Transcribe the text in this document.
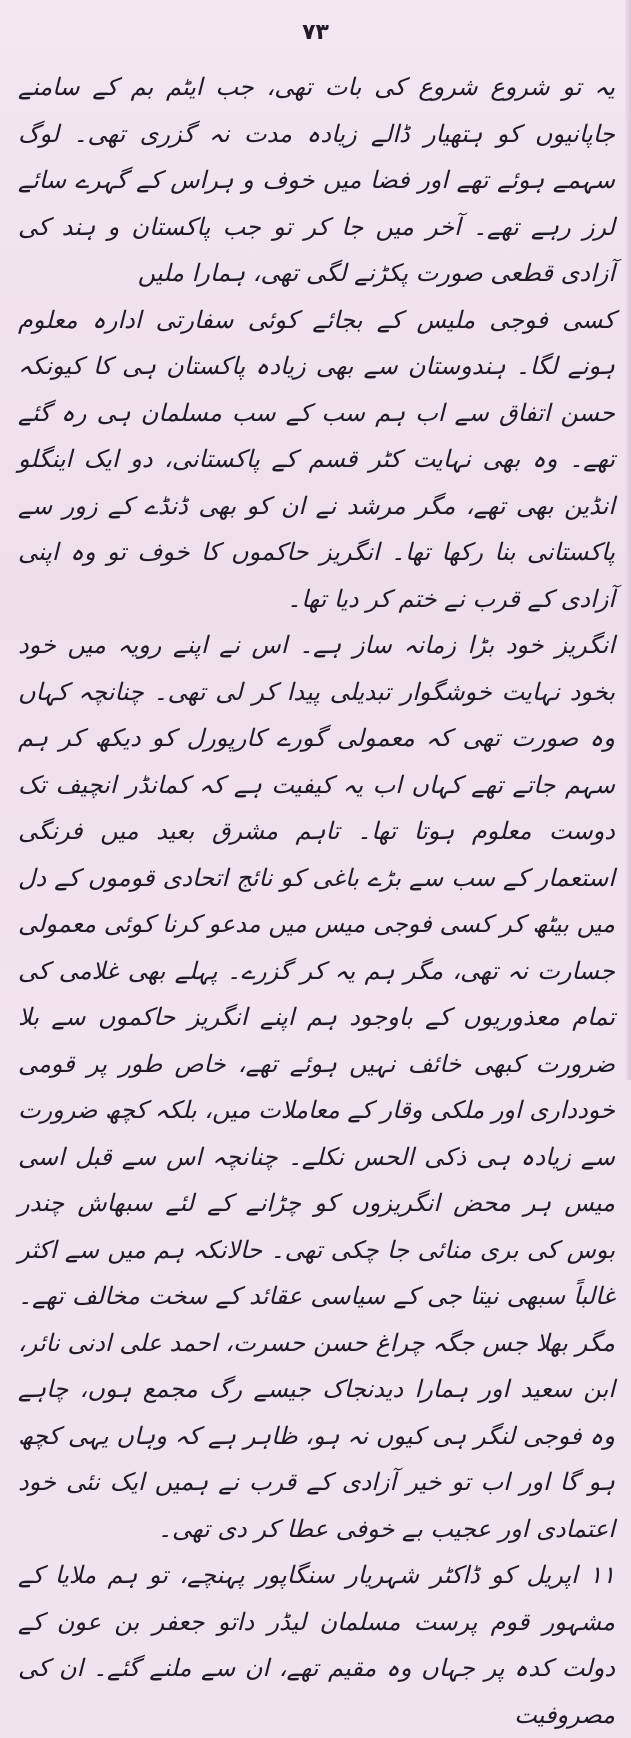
۷۳

یہ تو شروع شروع کی بات تھی، جب ایٹم بم کے سامنے جاپانیوں کو ہتھیار ڈالے زیادہ مدت نہ گزری تھی۔ لوگ سہمے ہوئے تھے اور فضا میں خوف و ہراس کے گہرے سائے لرز رہے تھے۔ آخر میں جا کر تو جب پاکستان و ہند کی آزادی قطعی صورت پکڑنے لگی تھی، ہمارا ملیں

کسی فوجی ملیس کے بجائے کوئی سفارتی ادارہ معلوم ہونے لگا۔ ہندوستان سے بھی زیادہ پاکستان ہی کا کیونکہ حسن اتفاق سے اب ہم سب کے سب مسلمان ہی رہ گئے تھے۔ وہ بھی نہایت کٹر قسم کے پاکستانی، دو ایک اینگلو انڈین بھی تھے، مگر مرشد نے ان کو بھی ڈنڈے کے زور سے پاکستانی بنا رکھا تھا۔ انگریز حاکموں کا خوف تو وہ اپنی آزادی کے قرب نے ختم کر دیا تھا۔

انگریز خود بڑا زمانہ ساز ہے۔ اس نے اپنے رویہ میں خود بخود نہایت خوشگوار تبدیلی پیدا کر لی تھی۔ چنانچہ کہاں وہ صورت تھی کہ معمولی گورے کارپورل کو دیکھ کر ہم سہم جاتے تھے کہاں اب یہ کیفیت ہے کہ کمانڈر انچیف تک دوست معلوم ہوتا تھا۔ تاہم مشرق بعید میں فرنگی استعمار کے سب سے بڑے باغی کو نائج اتحادی قوموں کے دل میں بیٹھ کر کسی فوجی میس میں مدعو کرنا کوئی معمولی جسارت نہ تھی، مگر ہم یہ کر گزرے۔ پہلے بھی غلامی کی تمام معذوریوں کے باوجود ہم اپنے انگریز حاکموں سے بلا ضرورت کبھی خائف نہیں ہوئے تھے، خاص طور پر قومی خودداری اور ملکی وقار کے معاملات میں، بلکہ کچھ ضرورت سے زیادہ ہی ذکی الحس نکلے۔ چنانچہ اس سے قبل اسی میس ہر محض انگریزوں کو چڑانے کے لئے سبھاش چندر بوس کی بری منائی جا چکی تھی۔ حالانکہ ہم میں سے اکثر غالباً سبھی نیتا جی کے سیاسی عقائد کے سخت مخالف تھے۔ مگر بھلا جس جگہ چراغ حسن حسرت، احمد علی ادنی نائر، ابن سعید اور ہمارا دیدنجاک جیسے رگ مجمع ہوں، چاہے وہ فوجی لنگر ہی کیوں نہ ہو، ظاہر ہے کہ وہاں یہی کچھ ہو گا اور اب تو خیر آزادی کے قرب نے ہمیں ایک نئی خود اعتمادی اور عجیب بے خوفی عطا کر دی تھی۔

۱۱ اپریل کو ڈاکٹر شہریار سنگاپور پہنچے، تو ہم ملایا کے مشہور قوم پرست مسلمان لیڈر داتو جعفر بن عون کے دولت کدہ پر جہاں وہ مقیم تھے، ان سے ملنے گئے۔ ان کی مصروفیت
